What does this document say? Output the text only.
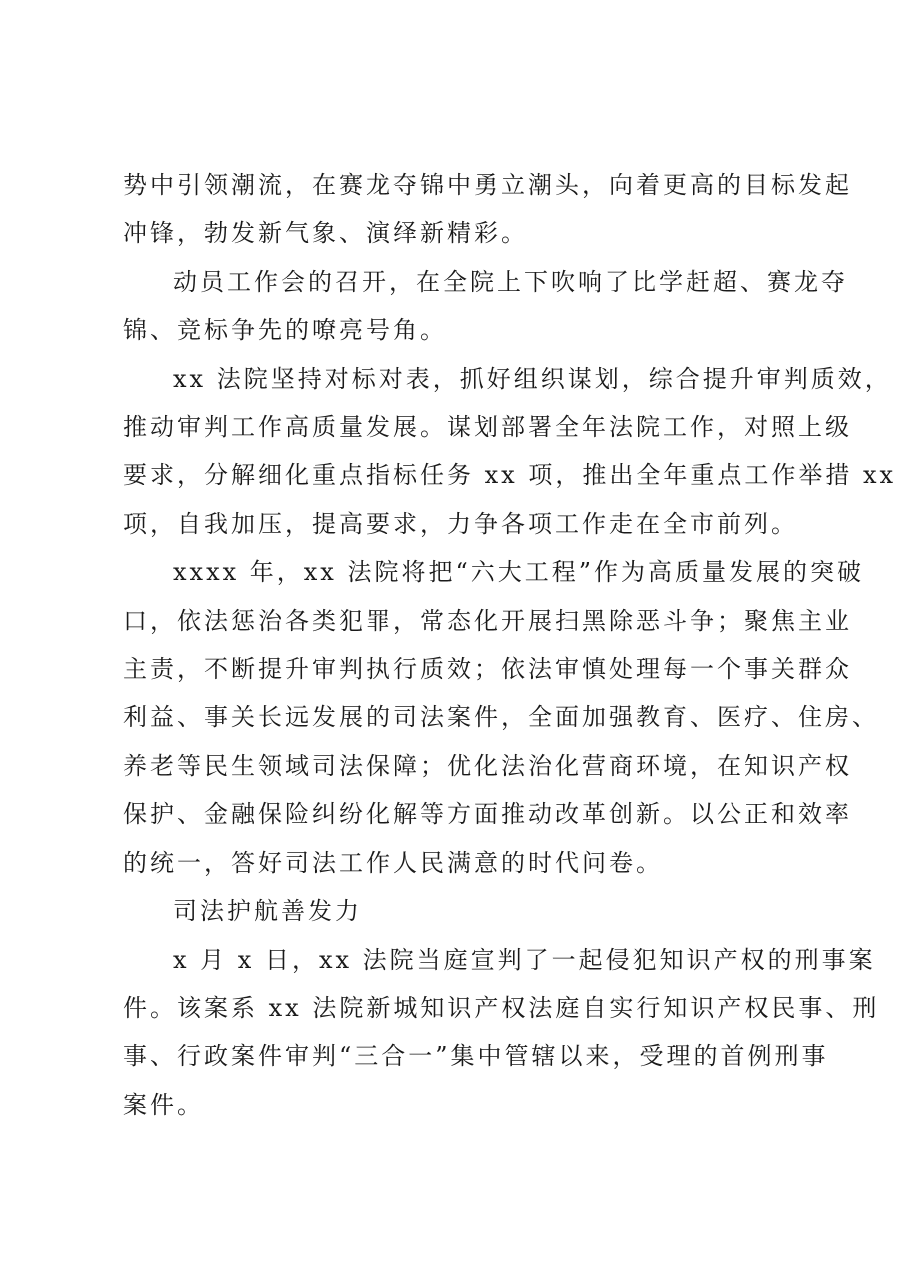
势中引领潮流，在赛龙夺锦中勇立潮头，向着更高的目标发起
冲锋，勃发新气象、演绎新精彩。
动员工作会的召开，在全院上下吹响了比学赶超、赛龙夺
锦、竞标争先的嘹亮号角。
xx 法院坚持对标对表，抓好组织谋划，综合提升审判质效，
推动审判工作高质量发展。谋划部署全年法院工作，对照上级
要求，分解细化重点指标任务 xx 项，推出全年重点工作举措 xx
项，自我加压，提高要求，力争各项工作走在全市前列。
xxxx 年，xx 法院将把“六大工程”作为高质量发展的突破
口，依法惩治各类犯罪，常态化开展扫黑除恶斗争；聚焦主业
主责，不断提升审判执行质效；依法审慎处理每一个事关群众
利益、事关长远发展的司法案件，全面加强教育、医疗、住房、
养老等民生领域司法保障；优化法治化营商环境，在知识产权
保护、金融保险纠纷化解等方面推动改革创新。以公正和效率
的统一，答好司法工作人民满意的时代问卷。
司法护航善发力
x 月 x 日，xx 法院当庭宣判了一起侵犯知识产权的刑事案
件。该案系 xx 法院新城知识产权法庭自实行知识产权民事、刑
事、行政案件审判“三合一”集中管辖以来，受理的首例刑事
案件。
